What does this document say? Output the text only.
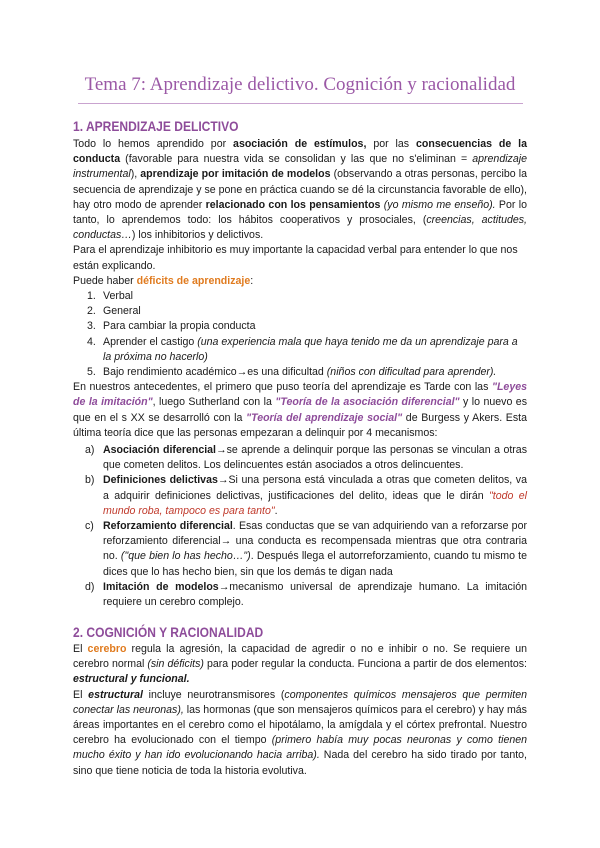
Tema 7: Aprendizaje delictivo. Cognición y racionalidad
1. APRENDIZAJE DELICTIVO

Todo lo hemos aprendido por asociación de estímulos, por las consecuencias de la conducta (favorable para nuestra vida se consolidan y las que no s'eliminan = aprendizaje instrumental), aprendizaje por imitación de modelos (observando a otras personas, percibo la secuencia de aprendizaje y se pone en práctica cuando se dé la circunstancia favorable de ello), hay otro modo de aprender relacionado con los pensamientos (yo mismo me enseño). Por lo tanto, lo aprendemos todo: los hábitos cooperativos y prosociales, (creencias, actitudes, conductas…) los inhibitorios y delictivos.

Para el aprendizaje inhibitorio es muy importante la capacidad verbal para entender lo que nos están explicando.

Puede haber déficits de aprendizaje:

1. Verbal
2. General
3. Para cambiar la propia conducta
4. Aprender el castigo (una experiencia mala que haya tenido me da un aprendizaje para a la próxima no hacerlo)
5. Bajo rendimiento académico→es una dificultad (niños con dificultad para aprender).

En nuestros antecedentes, el primero que puso teoría del aprendizaje es Tarde con las "Leyes de la imitación", luego Sutherland con la "Teoría de la asociación diferencial" y lo nuevo es que en el s XX se desarrolló con la "Teoría del aprendizaje social" de Burgess y Akers. Esta última teoría dice que las personas empezaran a delinquir por 4 mecanismos:

a) Asociación diferencial→se aprende a delinquir porque las personas se vinculan a otras que cometen delitos. Los delincuentes están asociados a otros delincuentes.
b) Definiciones delictivas→Si una persona está vinculada a otras que cometen delitos, va a adquirir definiciones delictivas, justificaciones del delito, ideas que le dirán "todo el mundo roba, tampoco es para tanto".
c) Reforzamiento diferencial. Esas conductas que se van adquiriendo van a reforzarse por reforzamiento diferencial→ una conducta es recompensada mientras que otra contraria no. ("que bien lo has hecho…"). Después llega el autorreforzamiento, cuando tu mismo te dices que lo has hecho bien, sin que los demás te digan nada
d) Imitación de modelos→mecanismo universal de aprendizaje humano. La imitación requiere un cerebro complejo.
2. COGNICIÓN Y RACIONALIDAD

El cerebro regula la agresión, la capacidad de agredir o no e inhibir o no. Se requiere un cerebro normal (sin déficits) para poder regular la conducta. Funciona a partir de dos elementos: estructural y funcional.

El estructural incluye neurotransmisores (componentes químicos mensajeros que permiten conectar las neuronas), las hormonas (que son mensajeros químicos para el cerebro) y hay más áreas importantes en el cerebro como el hipotálamo, la amígdala y el córtex prefrontal. Nuestro cerebro ha evolucionado con el tiempo (primero había muy pocas neuronas y como tienen mucho éxito y han ido evolucionando hacia arriba). Nada del cerebro ha sido tirado por tanto, sino que tiene noticia de toda la historia evolutiva.
